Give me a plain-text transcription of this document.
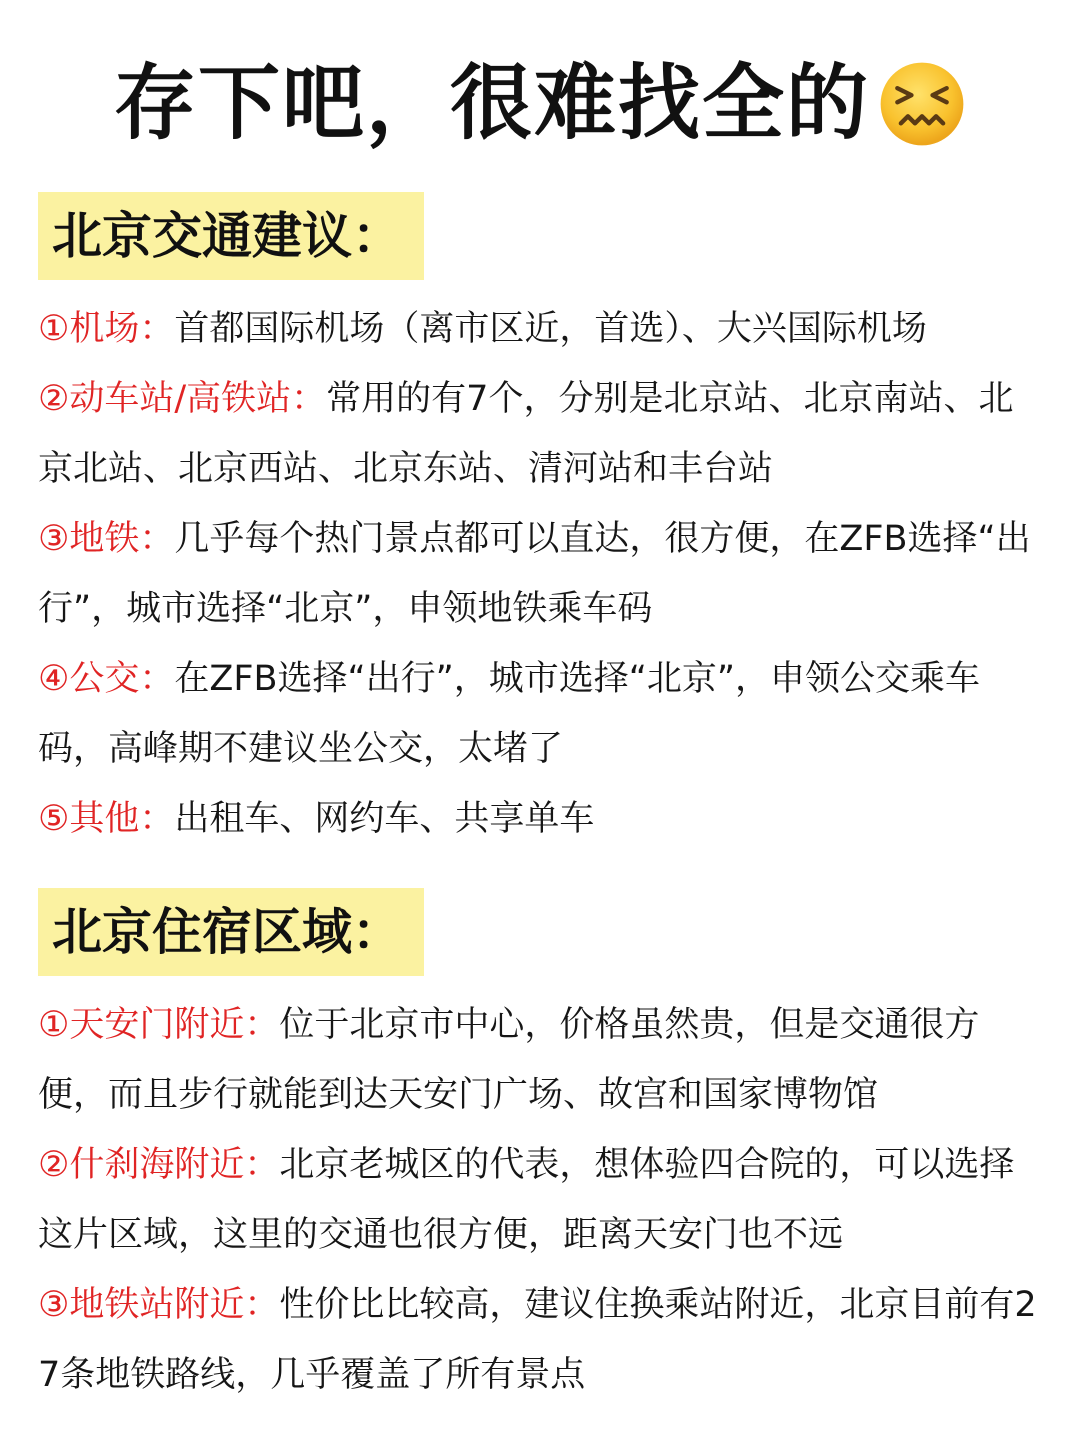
存下吧，很难找全的
北京交通建议：
①机场：首都国际机场（离市区近，首选）、大兴国际机场
②动车站/高铁站：常用的有7个，分别是北京站、北京南站、北京北站、北京西站、北京东站、清河站和丰台站
③地铁：几乎每个热门景点都可以直达，很方便，在ZFB选择“出行”，城市选择“北京”，申领地铁乘车码
④公交：在ZFB选择“出行”，城市选择“北京”，申领公交乘车码，高峰期不建议坐公交，太堵了
⑤其他：出租车、网约车、共享单车
北京住宿区域：
①天安门附近：位于北京市中心，价格虽然贵，但是交通很方便，而且步行就能到达天安门广场、故宫和国家博物馆
②什刹海附近：北京老城区的代表，想体验四合院的，可以选择这片区域，这里的交通也很方便，距离天安门也不远
③地铁站附近：性价比比较高，建议住换乘站附近，北京目前有27条地铁路线，几乎覆盖了所有景点
